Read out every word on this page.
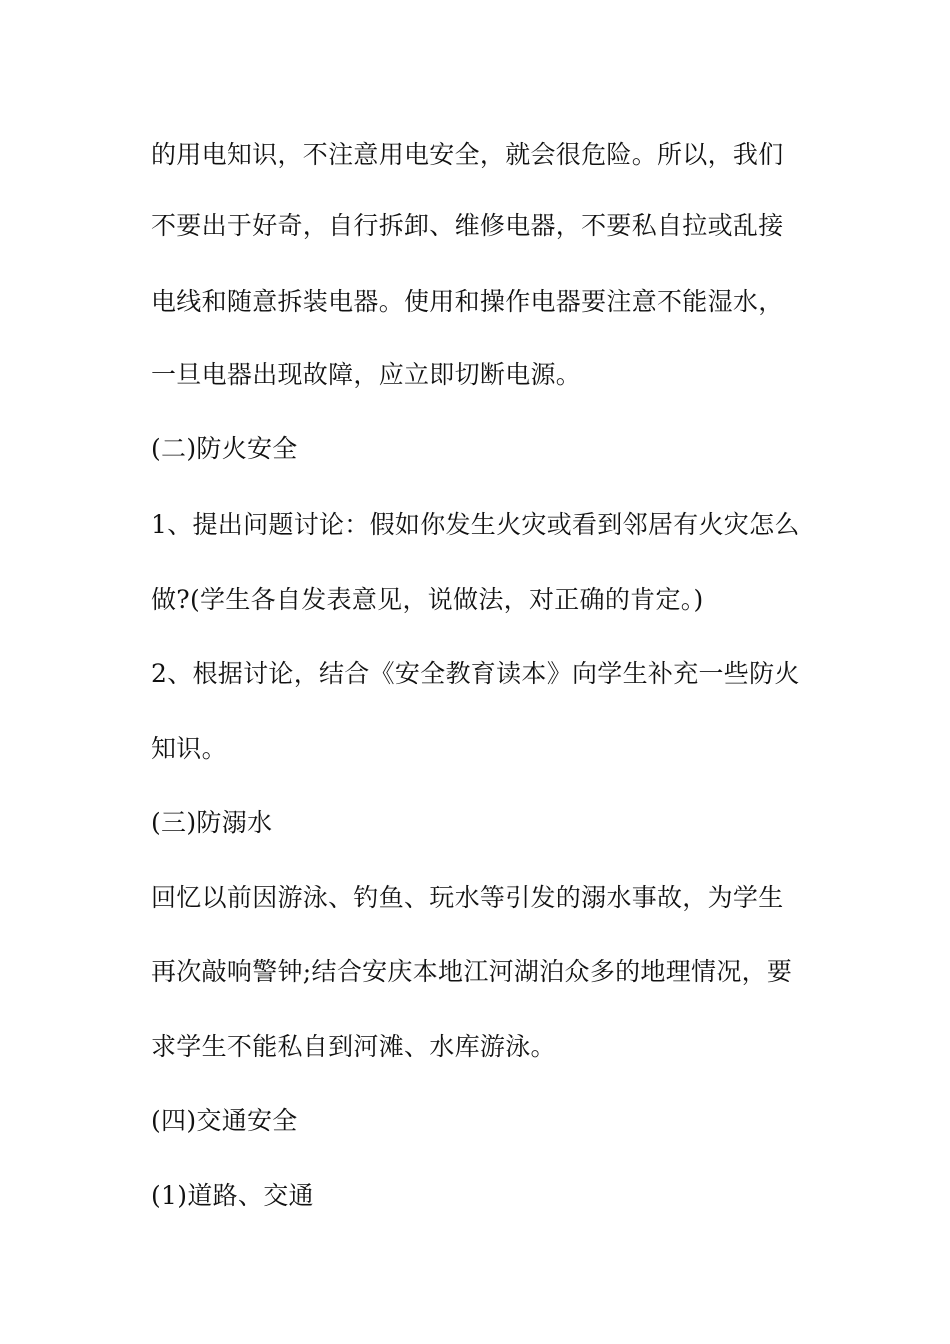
的用电知识，不注意用电安全，就会很危险。所以，我们
不要出于好奇，自行拆卸、维修电器，不要私自拉或乱接
电线和随意拆装电器。使用和操作电器要注意不能湿水，
一旦电器出现故障，应立即切断电源。
(二)防火安全
1、提出问题讨论：假如你发生火灾或看到邻居有火灾怎么
做?(学生各自发表意见，说做法，对正确的肯定。)
2、根据讨论，结合《安全教育读本》向学生补充一些防火
知识。
(三)防溺水
回忆以前因游泳、钓鱼、玩水等引发的溺水事故，为学生
再次敲响警钟;结合安庆本地江河湖泊众多的地理情况，要
求学生不能私自到河滩、水库游泳。
(四)交通安全
(1)道路、交通
